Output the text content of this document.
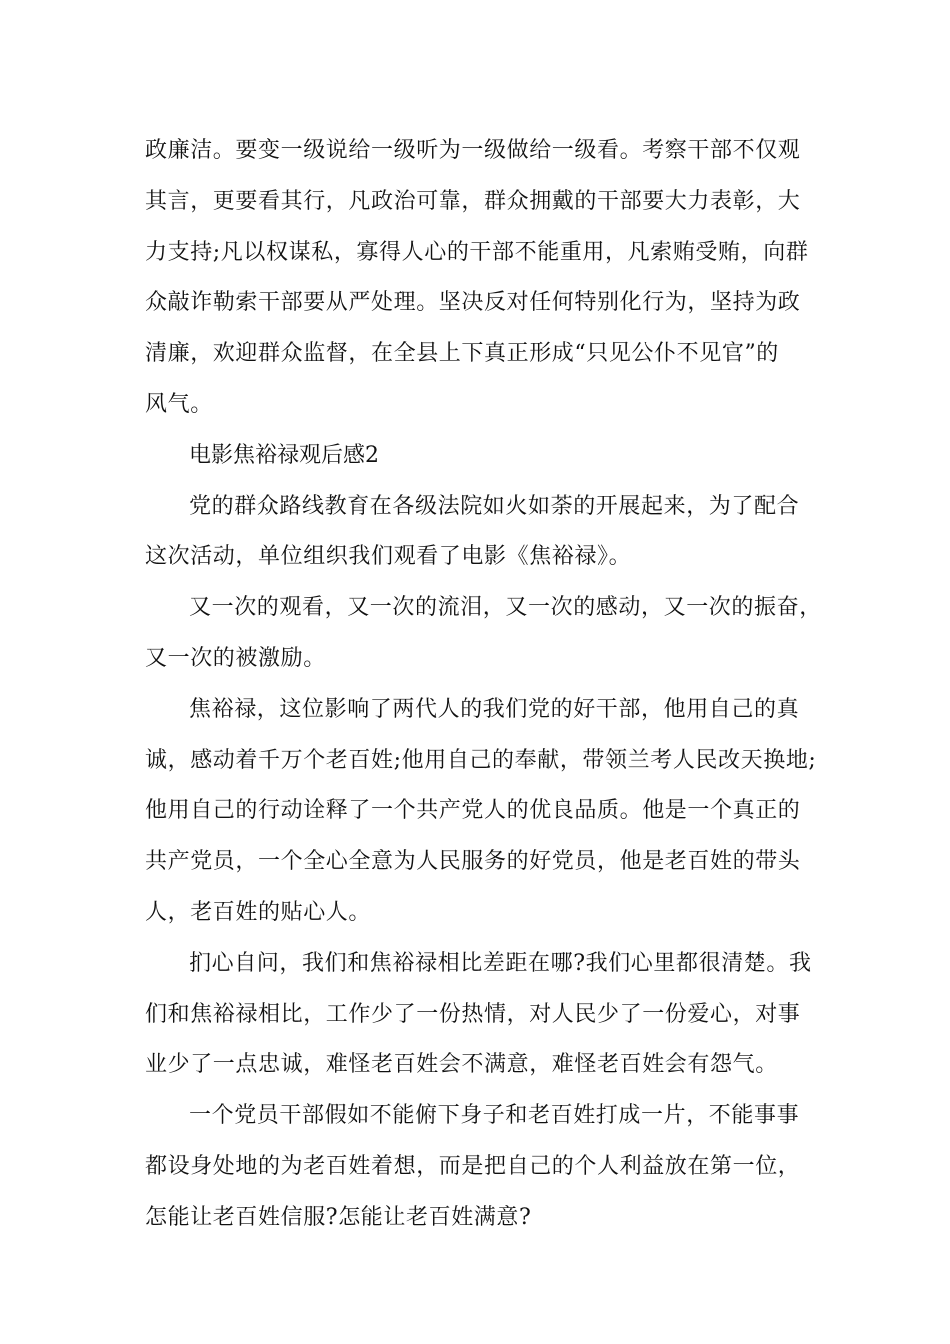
政廉洁。要变一级说给一级听为一级做给一级看。考察干部不仅观
其言，更要看其行，凡政治可靠，群众拥戴的干部要大力表彰，大
力支持;凡以权谋私，寡得人心的干部不能重用，凡索贿受贿，向群
众敲诈勒索干部要从严处理。坚决反对任何特别化行为，坚持为政
清廉，欢迎群众监督，在全县上下真正形成“只见公仆不见官”的
风气。

电影焦裕禄观后感2

党的群众路线教育在各级法院如火如荼的开展起来，为了配合
这次活动，单位组织我们观看了电影《焦裕禄》。

又一次的观看，又一次的流泪，又一次的感动，又一次的振奋，
又一次的被激励。

焦裕禄，这位影响了两代人的我们党的好干部，他用自己的真
诚，感动着千万个老百姓;他用自己的奉献，带领兰考人民改天换地;
他用自己的行动诠释了一个共产党人的优良品质。他是一个真正的
共产党员，一个全心全意为人民服务的好党员，他是老百姓的带头
人，老百姓的贴心人。

扪心自问，我们和焦裕禄相比差距在哪?我们心里都很清楚。我
们和焦裕禄相比，工作少了一份热情，对人民少了一份爱心，对事
业少了一点忠诚，难怪老百姓会不满意，难怪老百姓会有怨气。

一个党员干部假如不能俯下身子和老百姓打成一片，不能事事
都设身处地的为老百姓着想，而是把自己的个人利益放在第一位，
怎能让老百姓信服?怎能让老百姓满意?
